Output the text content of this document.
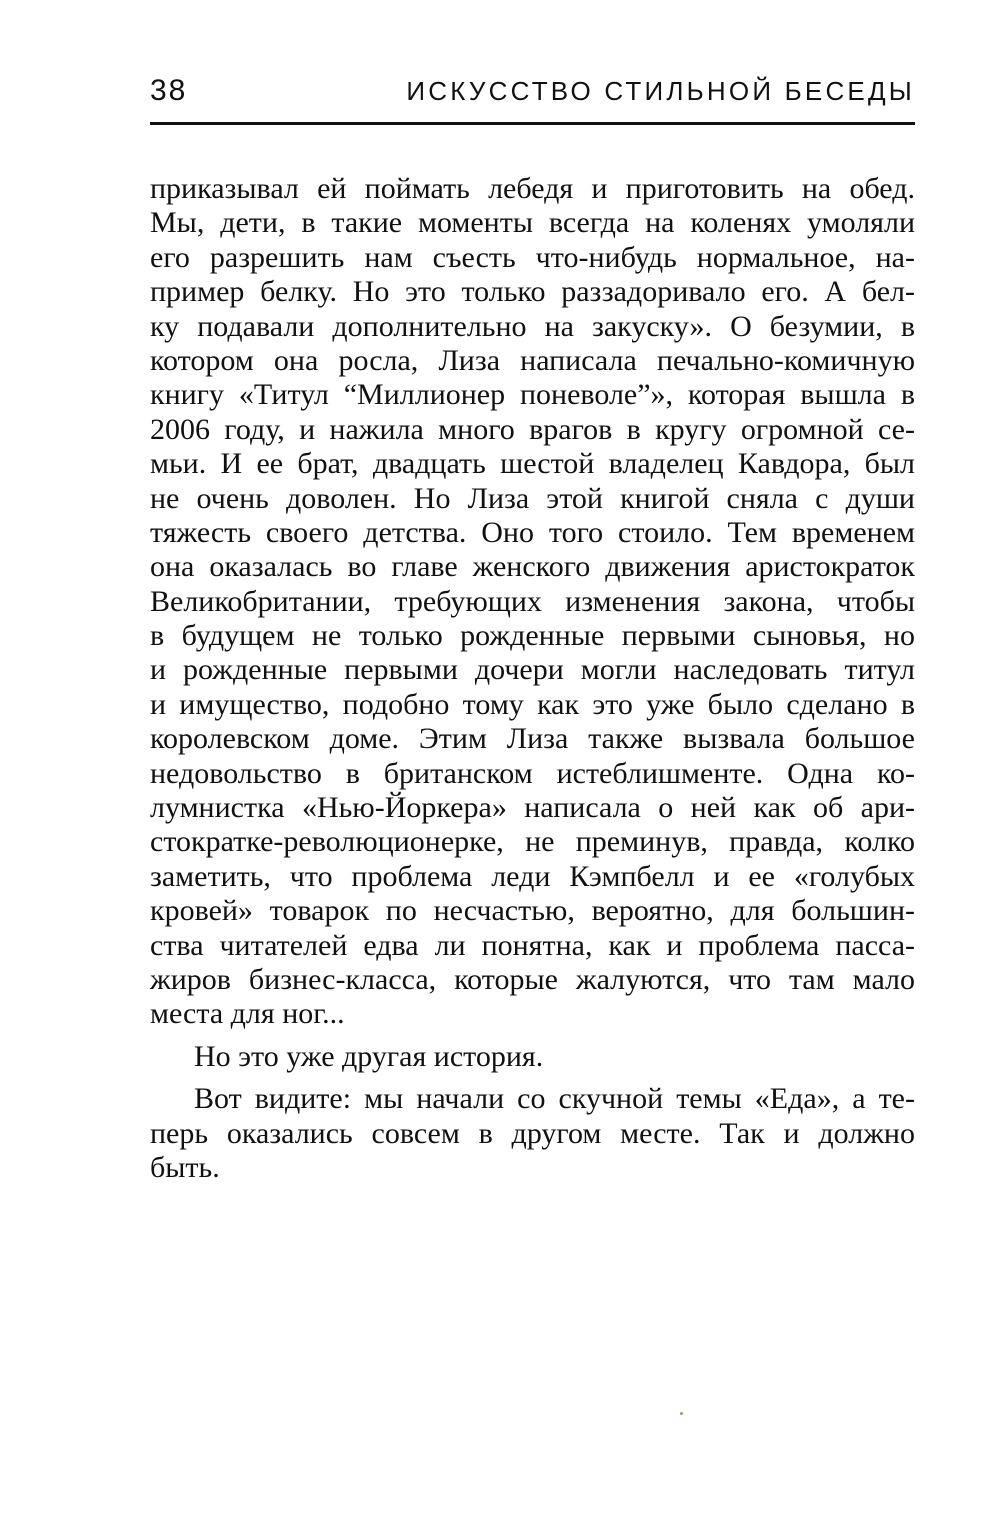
38	ИСКУССТВО СТИЛЬНОЙ БЕСЕДЫ
приказывал ей поймать лебедя и приготовить на обед.
Мы, дети, в такие моменты всегда на коленях умоляли
его разрешить нам съесть что-нибудь нормальное, на-
пример белку. Но это только раззадоривало его. А бел-
ку подавали дополнительно на закуску». О безумии, в
котором она росла, Лиза написала печально-комичную
книгу «Титул “Миллионер поневоле”», которая вышла в
2006 году, и нажила много врагов в кругу огромной се-
мьи. И ее брат, двадцать шестой владелец Кавдора, был
не очень доволен. Но Лиза этой книгой сняла с души
тяжесть своего детства. Оно того стоило. Тем временем
она оказалась во главе женского движения аристократок
Великобритании, требующих изменения закона, чтобы
в будущем не только рожденные первыми сыновья, но
и рожденные первыми дочери могли наследовать титул
и имущество, подобно тому как это уже было сделано в
королевском доме. Этим Лиза также вызвала большое
недовольство в британском истеблишменте. Одна ко-
лумнистка «Нью-Йоркера» написала о ней как об ари-
стократке-революционерке, не преминув, правда, колко
заметить, что проблема леди Кэмпбелл и ее «голубых
кровей» товарок по несчастью, вероятно, для большин-
ства читателей едва ли понятна, как и проблема пасса-
жиров бизнес-класса, которые жалуются, что там мало
места для ног...
Но это уже другая история.
Вот видите: мы начали со скучной темы «Еда», а те-
перь оказались совсем в другом месте. Так и должно
быть.
